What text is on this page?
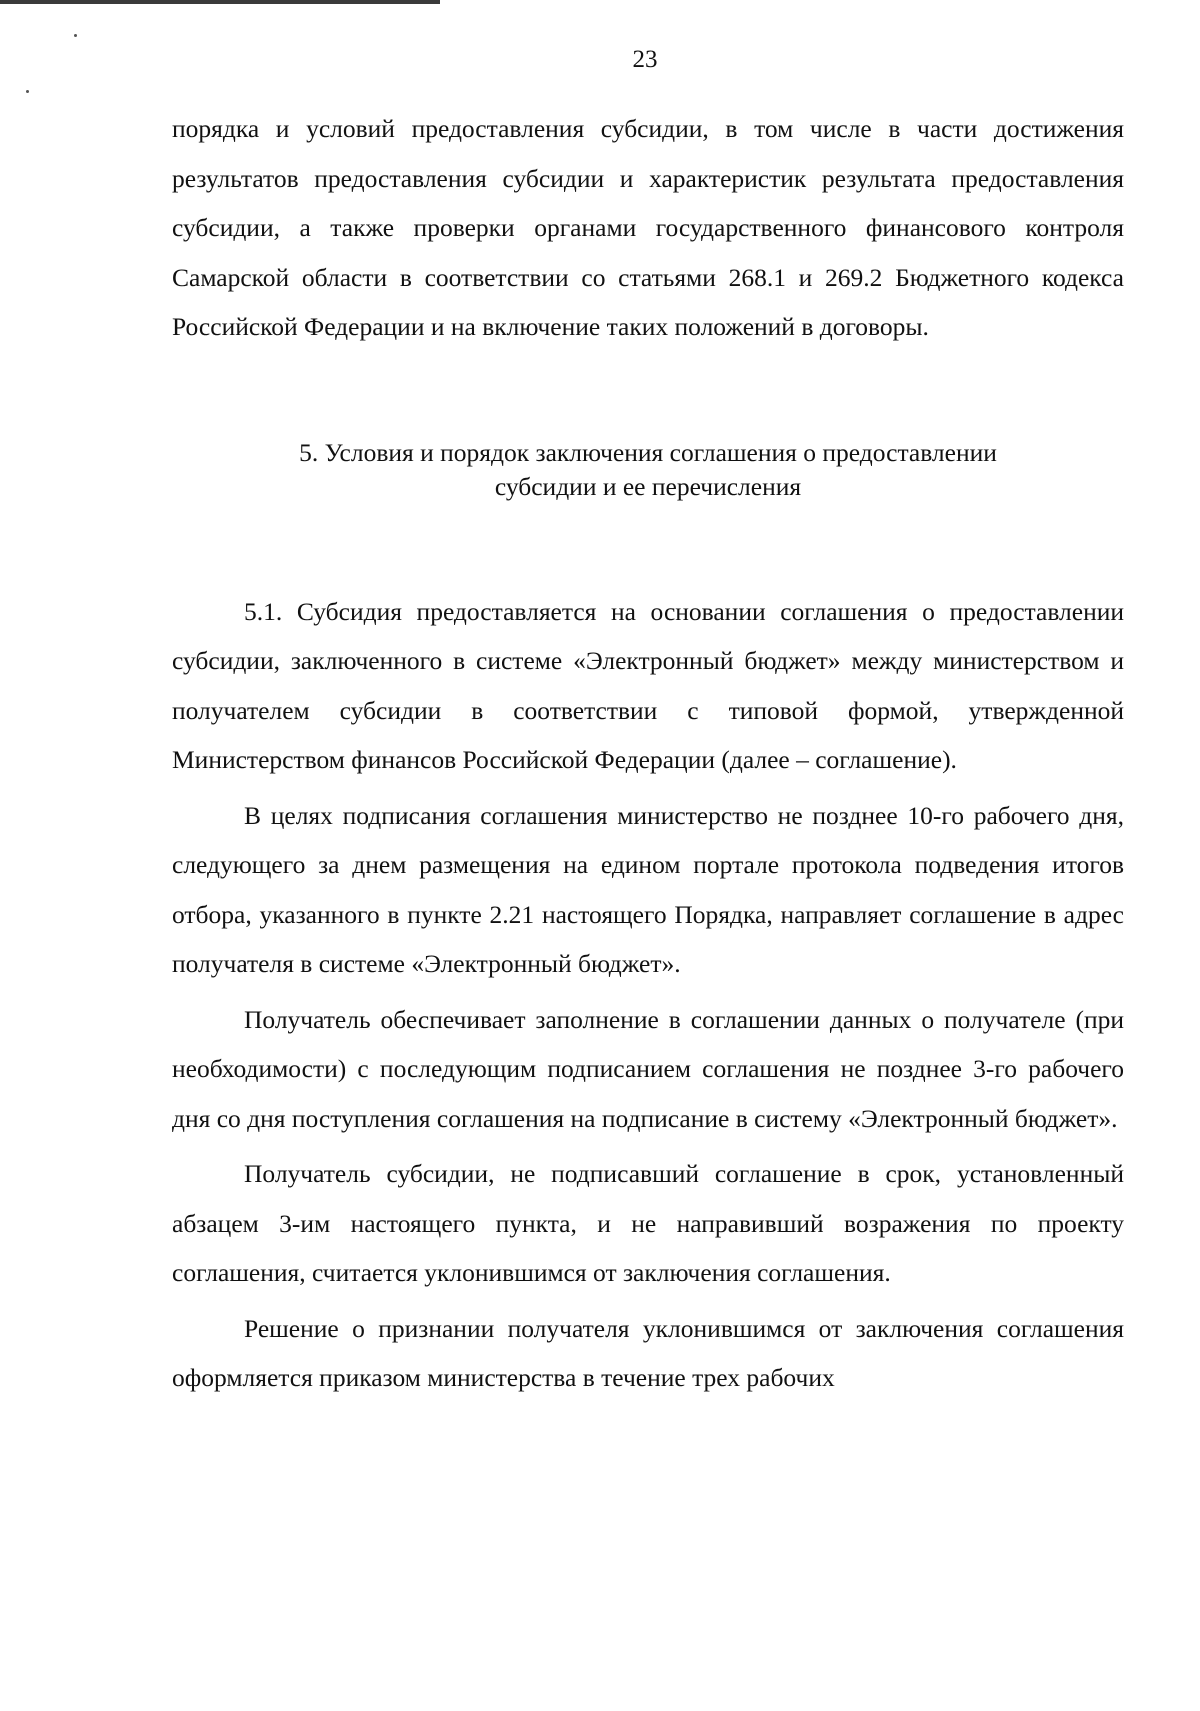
23

порядка и условий предоставления субсидии, в том числе в части достижения результатов предоставления субсидии и характеристик результата предоставления субсидии, а также проверки органами государственного финансового контроля Самарской области в соответствии со статьями 268.1 и 269.2 Бюджетного кодекса Российской Федерации и на включение таких положений в договоры.

5. Условия и порядок заключения соглашения о предоставлении
субсидии и ее перечисления

5.1. Субсидия предоставляется на основании соглашения о предоставлении субсидии, заключенного в системе «Электронный бюджет» между министерством и получателем субсидии в соответствии с типовой формой, утвержденной Министерством финансов Российской Федерации (далее – соглашение).

В целях подписания соглашения министерство не позднее 10-го рабочего дня, следующего за днем размещения на едином портале протокола подведения итогов отбора, указанного в пункте 2.21 настоящего Порядка, направляет соглашение в адрес получателя в системе «Электронный бюджет».

Получатель обеспечивает заполнение в соглашении данных о получателе (при необходимости) с последующим подписанием соглашения не позднее 3-го рабочего дня со дня поступления соглашения на подписание в систему «Электронный бюджет».

Получатель субсидии, не подписавший соглашение в срок, установленный абзацем 3-им настоящего пункта, и не направивший возражения по проекту соглашения, считается уклонившимся от заключения соглашения.

Решение о признании получателя уклонившимся от заключения соглашения оформляется приказом министерства в течение трех рабочих
